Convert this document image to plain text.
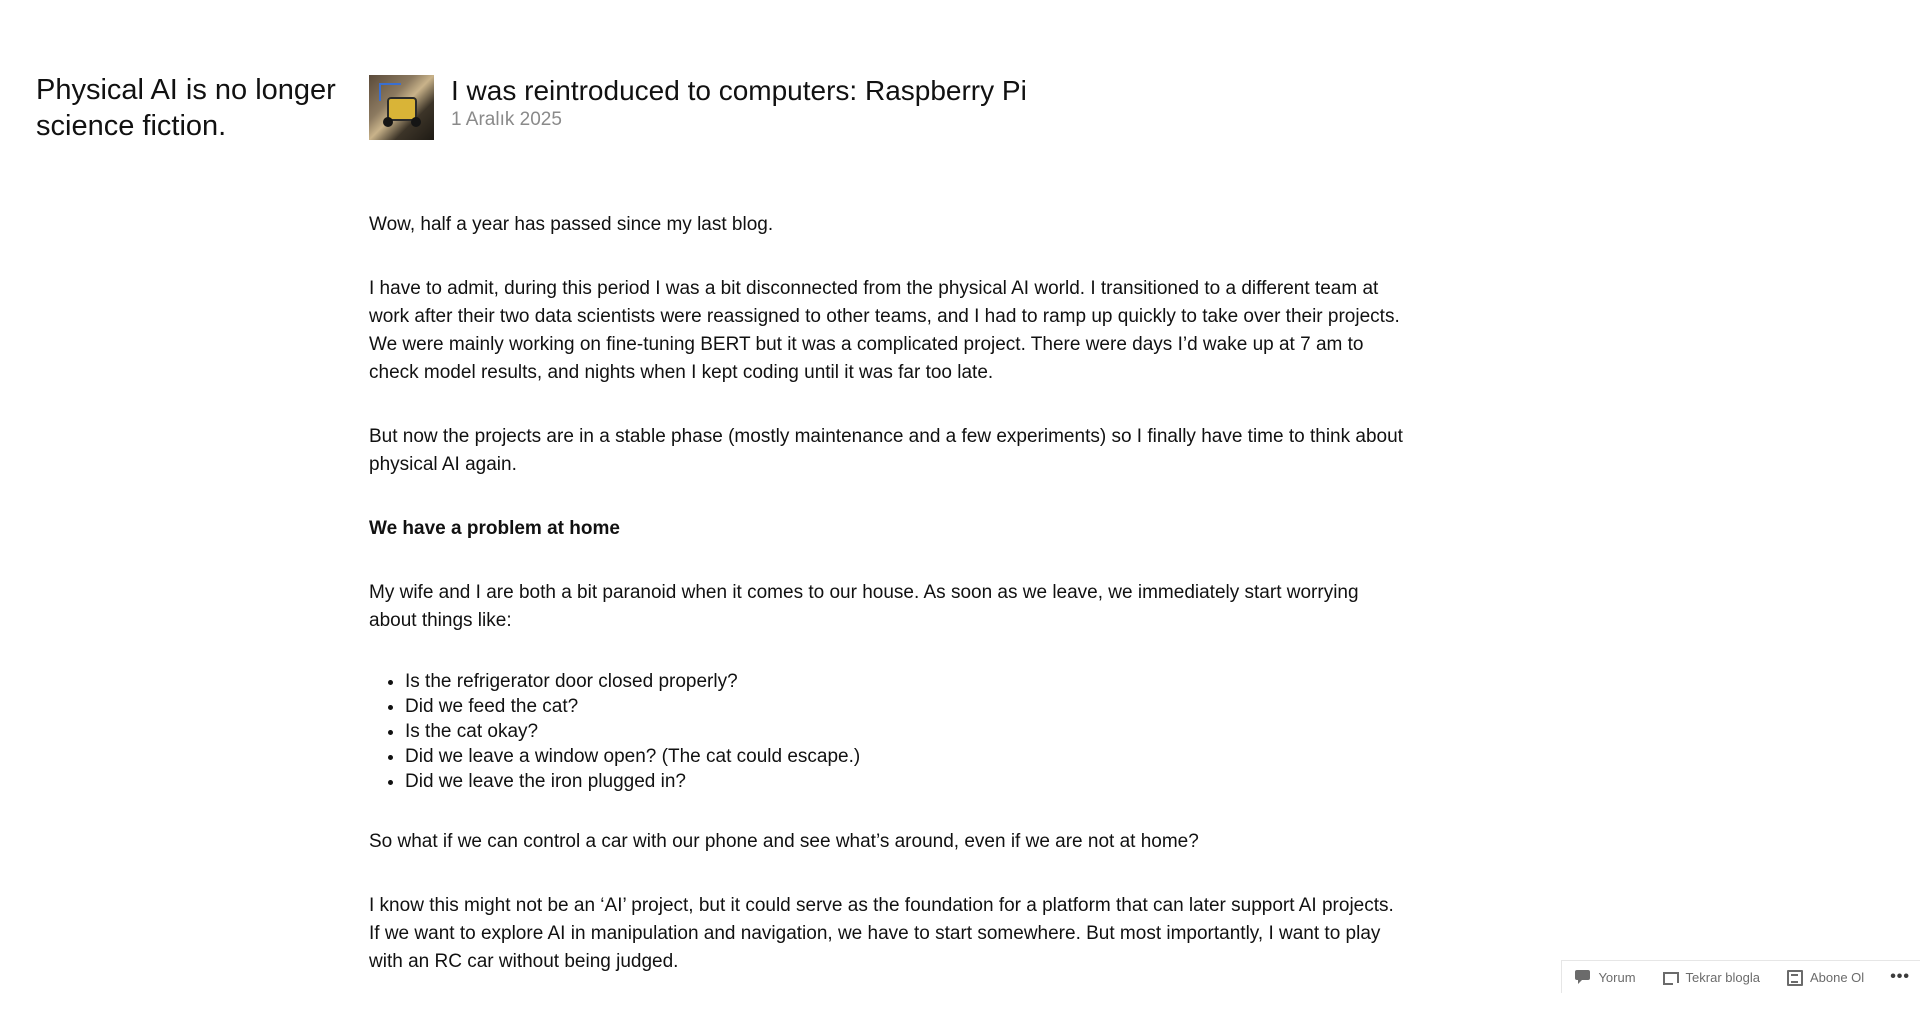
Physical AI is no longer science fiction.
I was reintroduced to computers: Raspberry Pi
1 Aralık 2025

Wow, half a year has passed since my last blog.

I have to admit, during this period I was a bit disconnected from the physical AI world. I transitioned to a different team at work after their two data scientists were reassigned to other teams, and I had to ramp up quickly to take over their projects. We were mainly working on fine-tuning BERT but it was a complicated project. There were days I’d wake up at 7 am to check model results, and nights when I kept coding until it was far too late.

But now the projects are in a stable phase (mostly maintenance and a few experiments) so I finally have time to think about physical AI again.

We have a problem at home

My wife and I are both a bit paranoid when it comes to our house. As soon as we leave, we immediately start worrying about things like:

• Is the refrigerator door closed properly?
• Did we feed the cat?
• Is the cat okay?
• Did we leave a window open? (The cat could escape.)
• Did we leave the iron plugged in?

So what if we can control a car with our phone and see what’s around, even if we are not at home?

I know this might not be an ‘AI’ project, but it could serve as the foundation for a platform that can later support AI projects. If we want to explore AI in manipulation and navigation, we have to start somewhere. But most importantly, I want to play with an RC car without being judged.

Yorum	Tekrar blogla	Abone Ol •••
